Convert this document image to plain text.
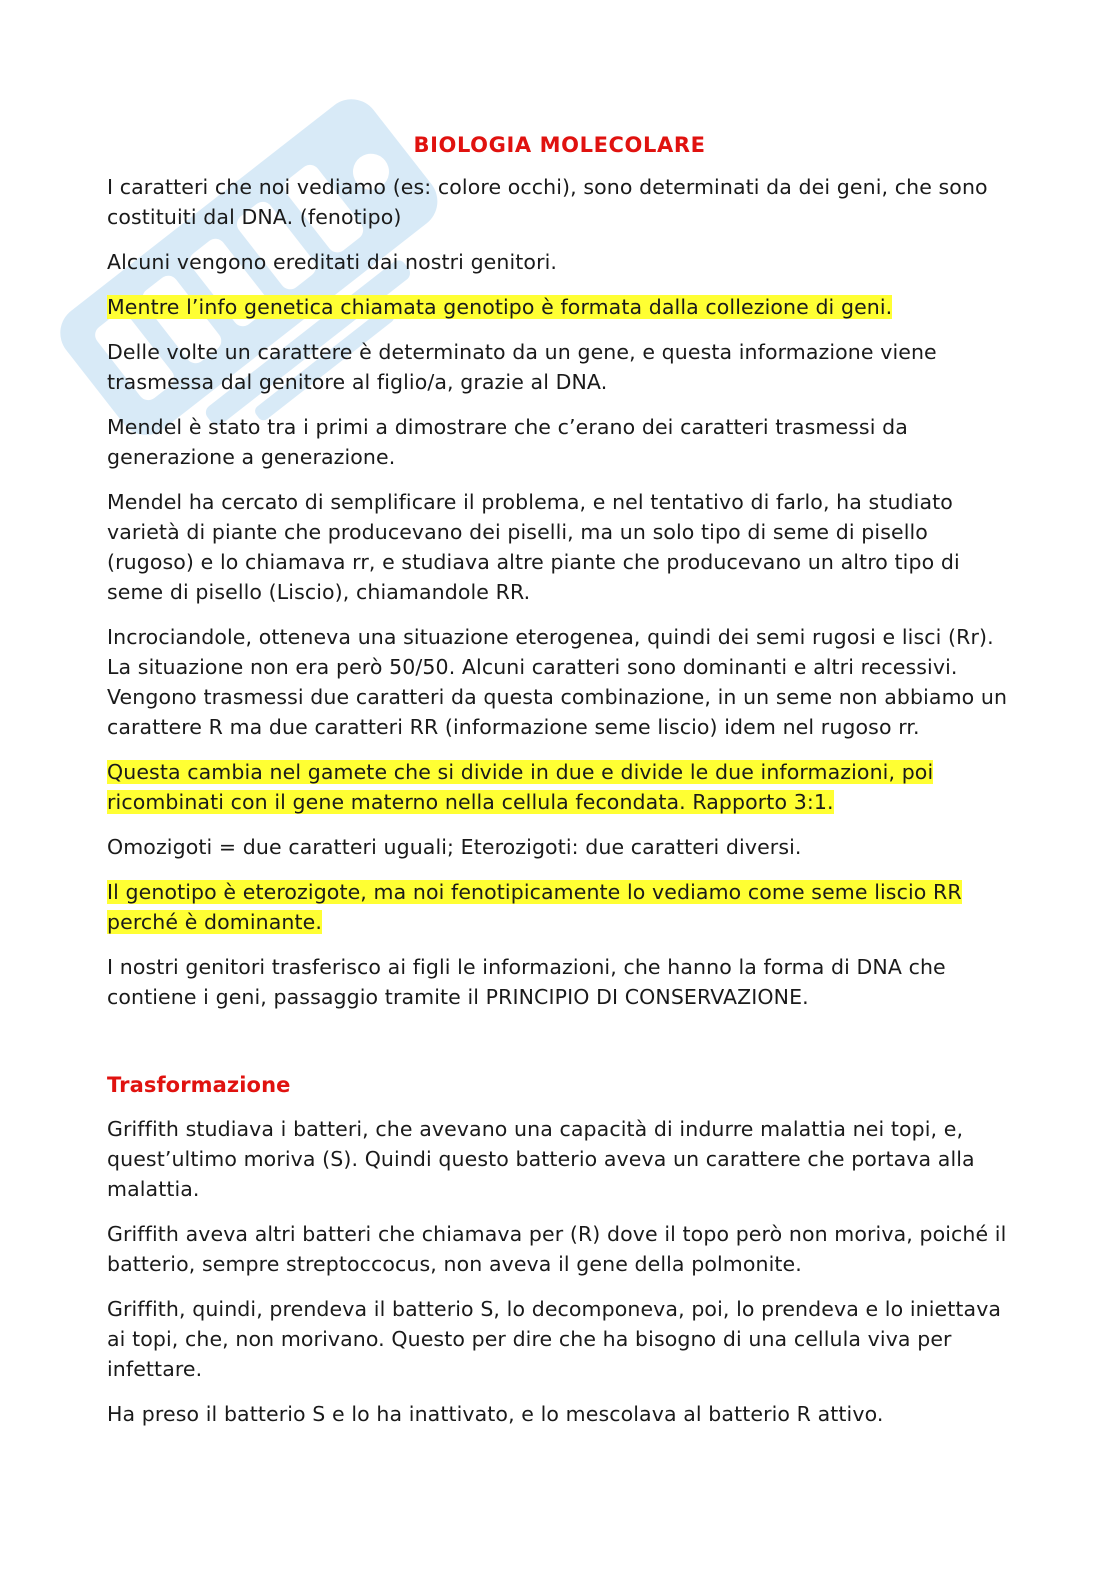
BIOLOGIA MOLECOLARE

I caratteri che noi vediamo (es: colore occhi), sono determinati da dei geni, che sono costituiti dal DNA. (fenotipo)

Alcuni vengono ereditati dai nostri genitori.

Mentre l’info genetica chiamata genotipo è formata dalla collezione di geni.

Delle volte un carattere è determinato da un gene, e questa informazione viene trasmessa dal genitore al figlio/a, grazie al DNA.

Mendel è stato tra i primi a dimostrare che c’erano dei caratteri trasmessi da generazione a generazione.

Mendel ha cercato di semplificare il problema, e nel tentativo di farlo, ha studiato varietà di piante che producevano dei piselli, ma un solo tipo di seme di pisello (rugoso) e lo chiamava rr, e studiava altre piante che producevano un altro tipo di seme di pisello (Liscio), chiamandole RR.

Incrociandole, otteneva una situazione eterogenea, quindi dei semi rugosi e lisci (Rr). La situazione non era però 50/50. Alcuni caratteri sono dominanti e altri recessivi. Vengono trasmessi due caratteri da questa combinazione, in un seme non abbiamo un carattere R ma due caratteri RR (informazione seme liscio) idem nel rugoso rr.

Questa cambia nel gamete che si divide in due e divide le due informazioni, poi ricombinati con il gene materno nella cellula fecondata. Rapporto 3:1.

Omozigoti = due caratteri uguali; Eterozigoti: due caratteri diversi.

Il genotipo è eterozigote, ma noi fenotipicamente lo vediamo come seme liscio RR perché è dominante.

I nostri genitori trasferisco ai figli le informazioni, che hanno la forma di DNA che contiene i geni, passaggio tramite il PRINCIPIO DI CONSERVAZIONE.

Trasformazione

Griffith studiava i batteri, che avevano una capacità di indurre malattia nei topi, e, quest’ultimo moriva (S). Quindi questo batterio aveva un carattere che portava alla malattia.

Griffith aveva altri batteri che chiamava per (R) dove il topo però non moriva, poiché il batterio, sempre streptoccocus, non aveva il gene della polmonite.

Griffith, quindi, prendeva il batterio S, lo decomponeva, poi, lo prendeva e lo iniettava ai topi, che, non morivano. Questo per dire che ha bisogno di una cellula viva per infettare.

Ha preso il batterio S e lo ha inattivato, e lo mescolava al batterio R attivo.
